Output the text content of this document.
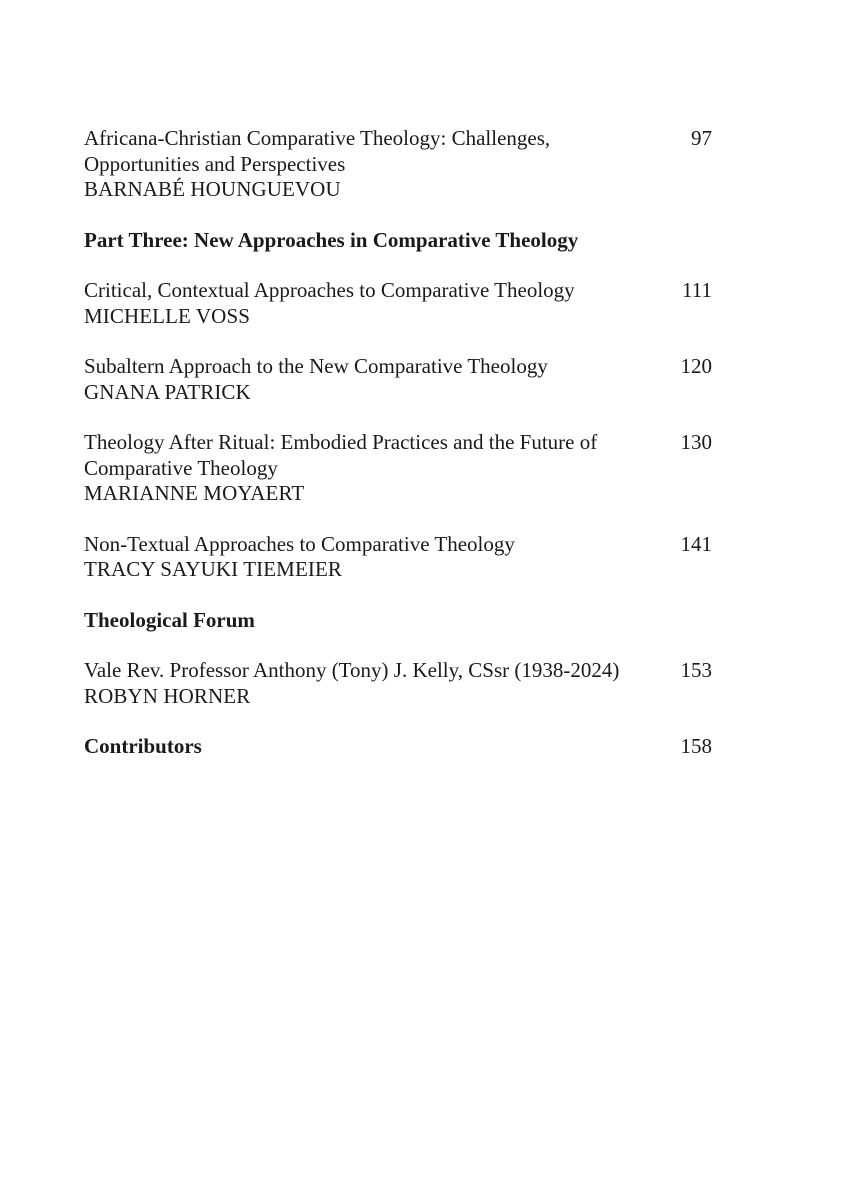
Africana-Christian Comparative Theology: Challenges, Opportunities and Perspectives
BARNABÉ HOUNGUEVOU
97
Part Three: New Approaches in Comparative Theology
Critical, Contextual Approaches to Comparative Theology
MICHELLE VOSS
111
Subaltern Approach to the New Comparative Theology
GNANA PATRICK
120
Theology After Ritual: Embodied Practices and the Future of Comparative Theology
MARIANNE MOYAERT
130
Non-Textual Approaches to Comparative Theology
TRACY SAYUKI TIEMEIER
141
Theological Forum
Vale Rev. Professor Anthony (Tony) J. Kelly, CSsr (1938-2024)
ROBYN HORNER
153
Contributors	158
